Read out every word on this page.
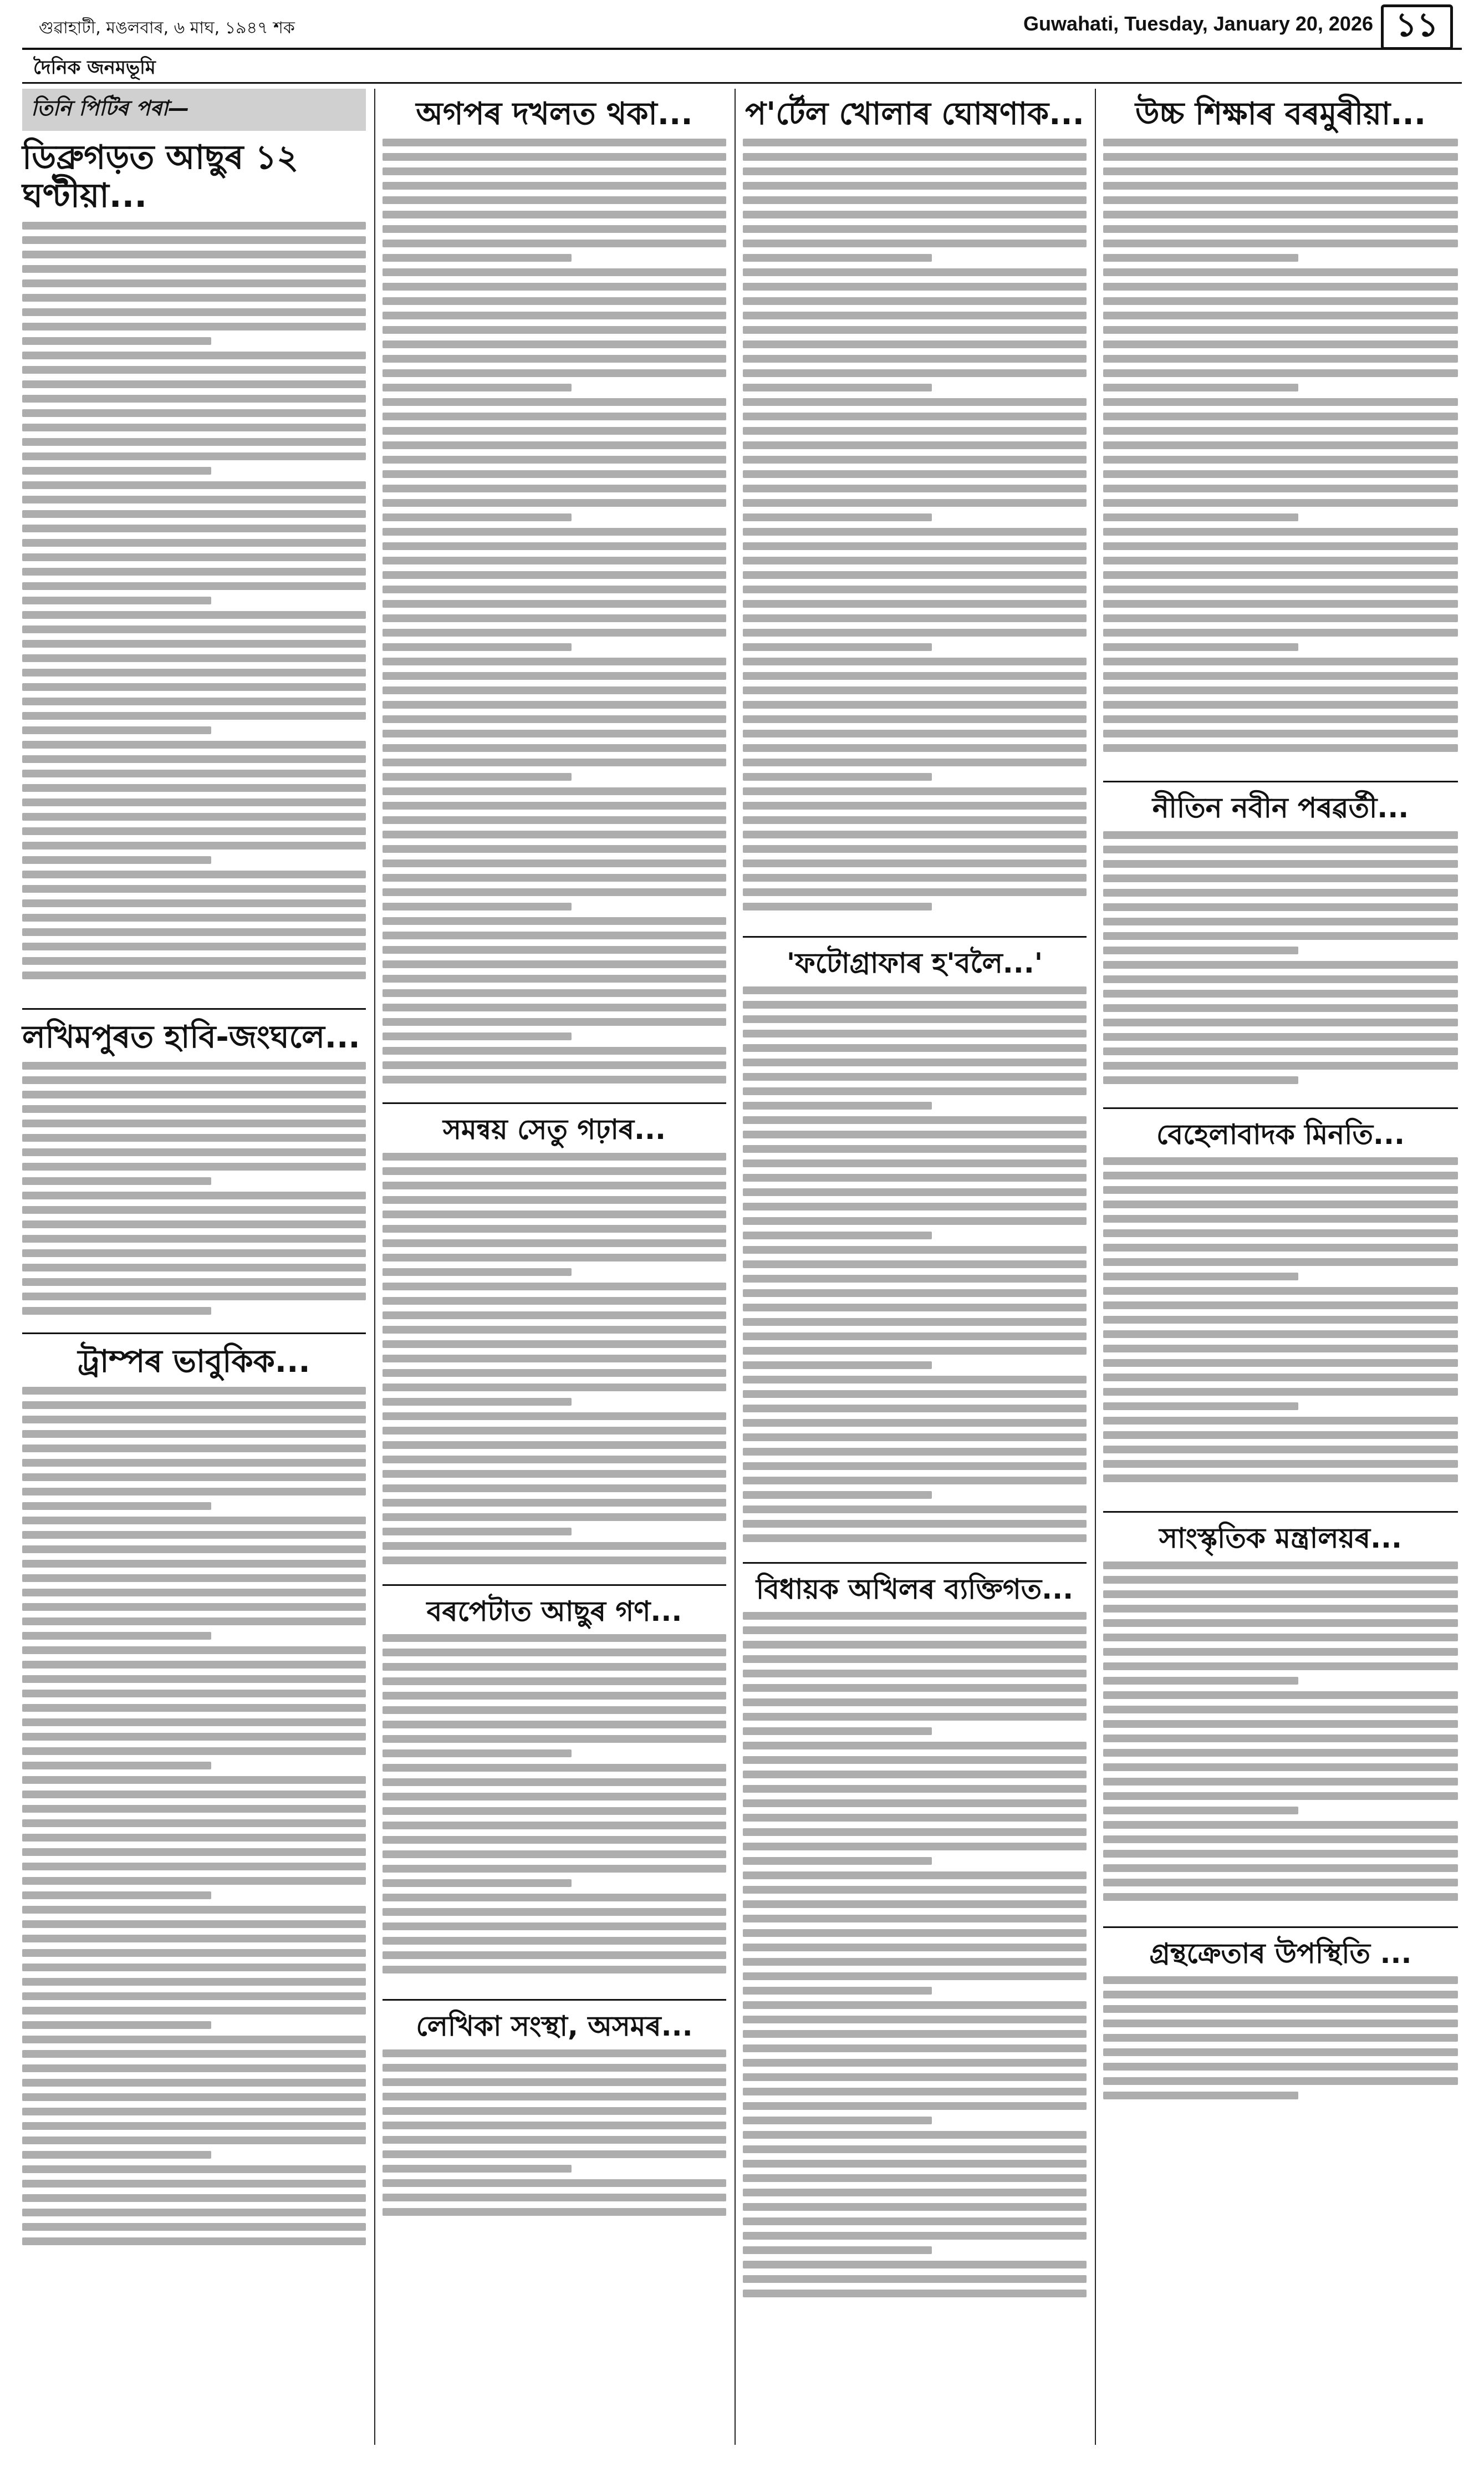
গুৱাহাটী, মঙলবাৰ, ৬ মাঘ, ১৯৪৭ শক	Guwahati, Tuesday, January 20, 2026 ১১
দৈনিক জনমভূমি
তিনি পিটিৰ পৰা—
ডিব্ৰুগড়ত আছুৰ ১২ ঘণ্টীয়া...
লখিমপুৰত হাবি-জংঘলে...
ট্ৰাম্পৰ ভাবুকিক...
অগপৰ দখলত থকা...
সমন্বয় সেতু গঢ়াৰ...
বৰপেটাত আছুৰ গণ...
লেখিকা সংস্থা, অসমৰ...
প'ৰ্টেল খোলাৰ ঘোষণাক...
'ফটোগ্ৰাফাৰ হ'বলৈ...'
বিধায়ক অখিলৰ ব্যক্তিগত...
উচ্চ শিক্ষাৰ বৰমুৰীয়া...
নীতিন নবীন পৰৱৰ্তী...
বেহেলাবাদক মিনতি...
সাংস্কৃতিক মন্ত্ৰালয়ৰ...
গ্ৰন্থক্ৰেতাৰ উপস্থিতি ...
